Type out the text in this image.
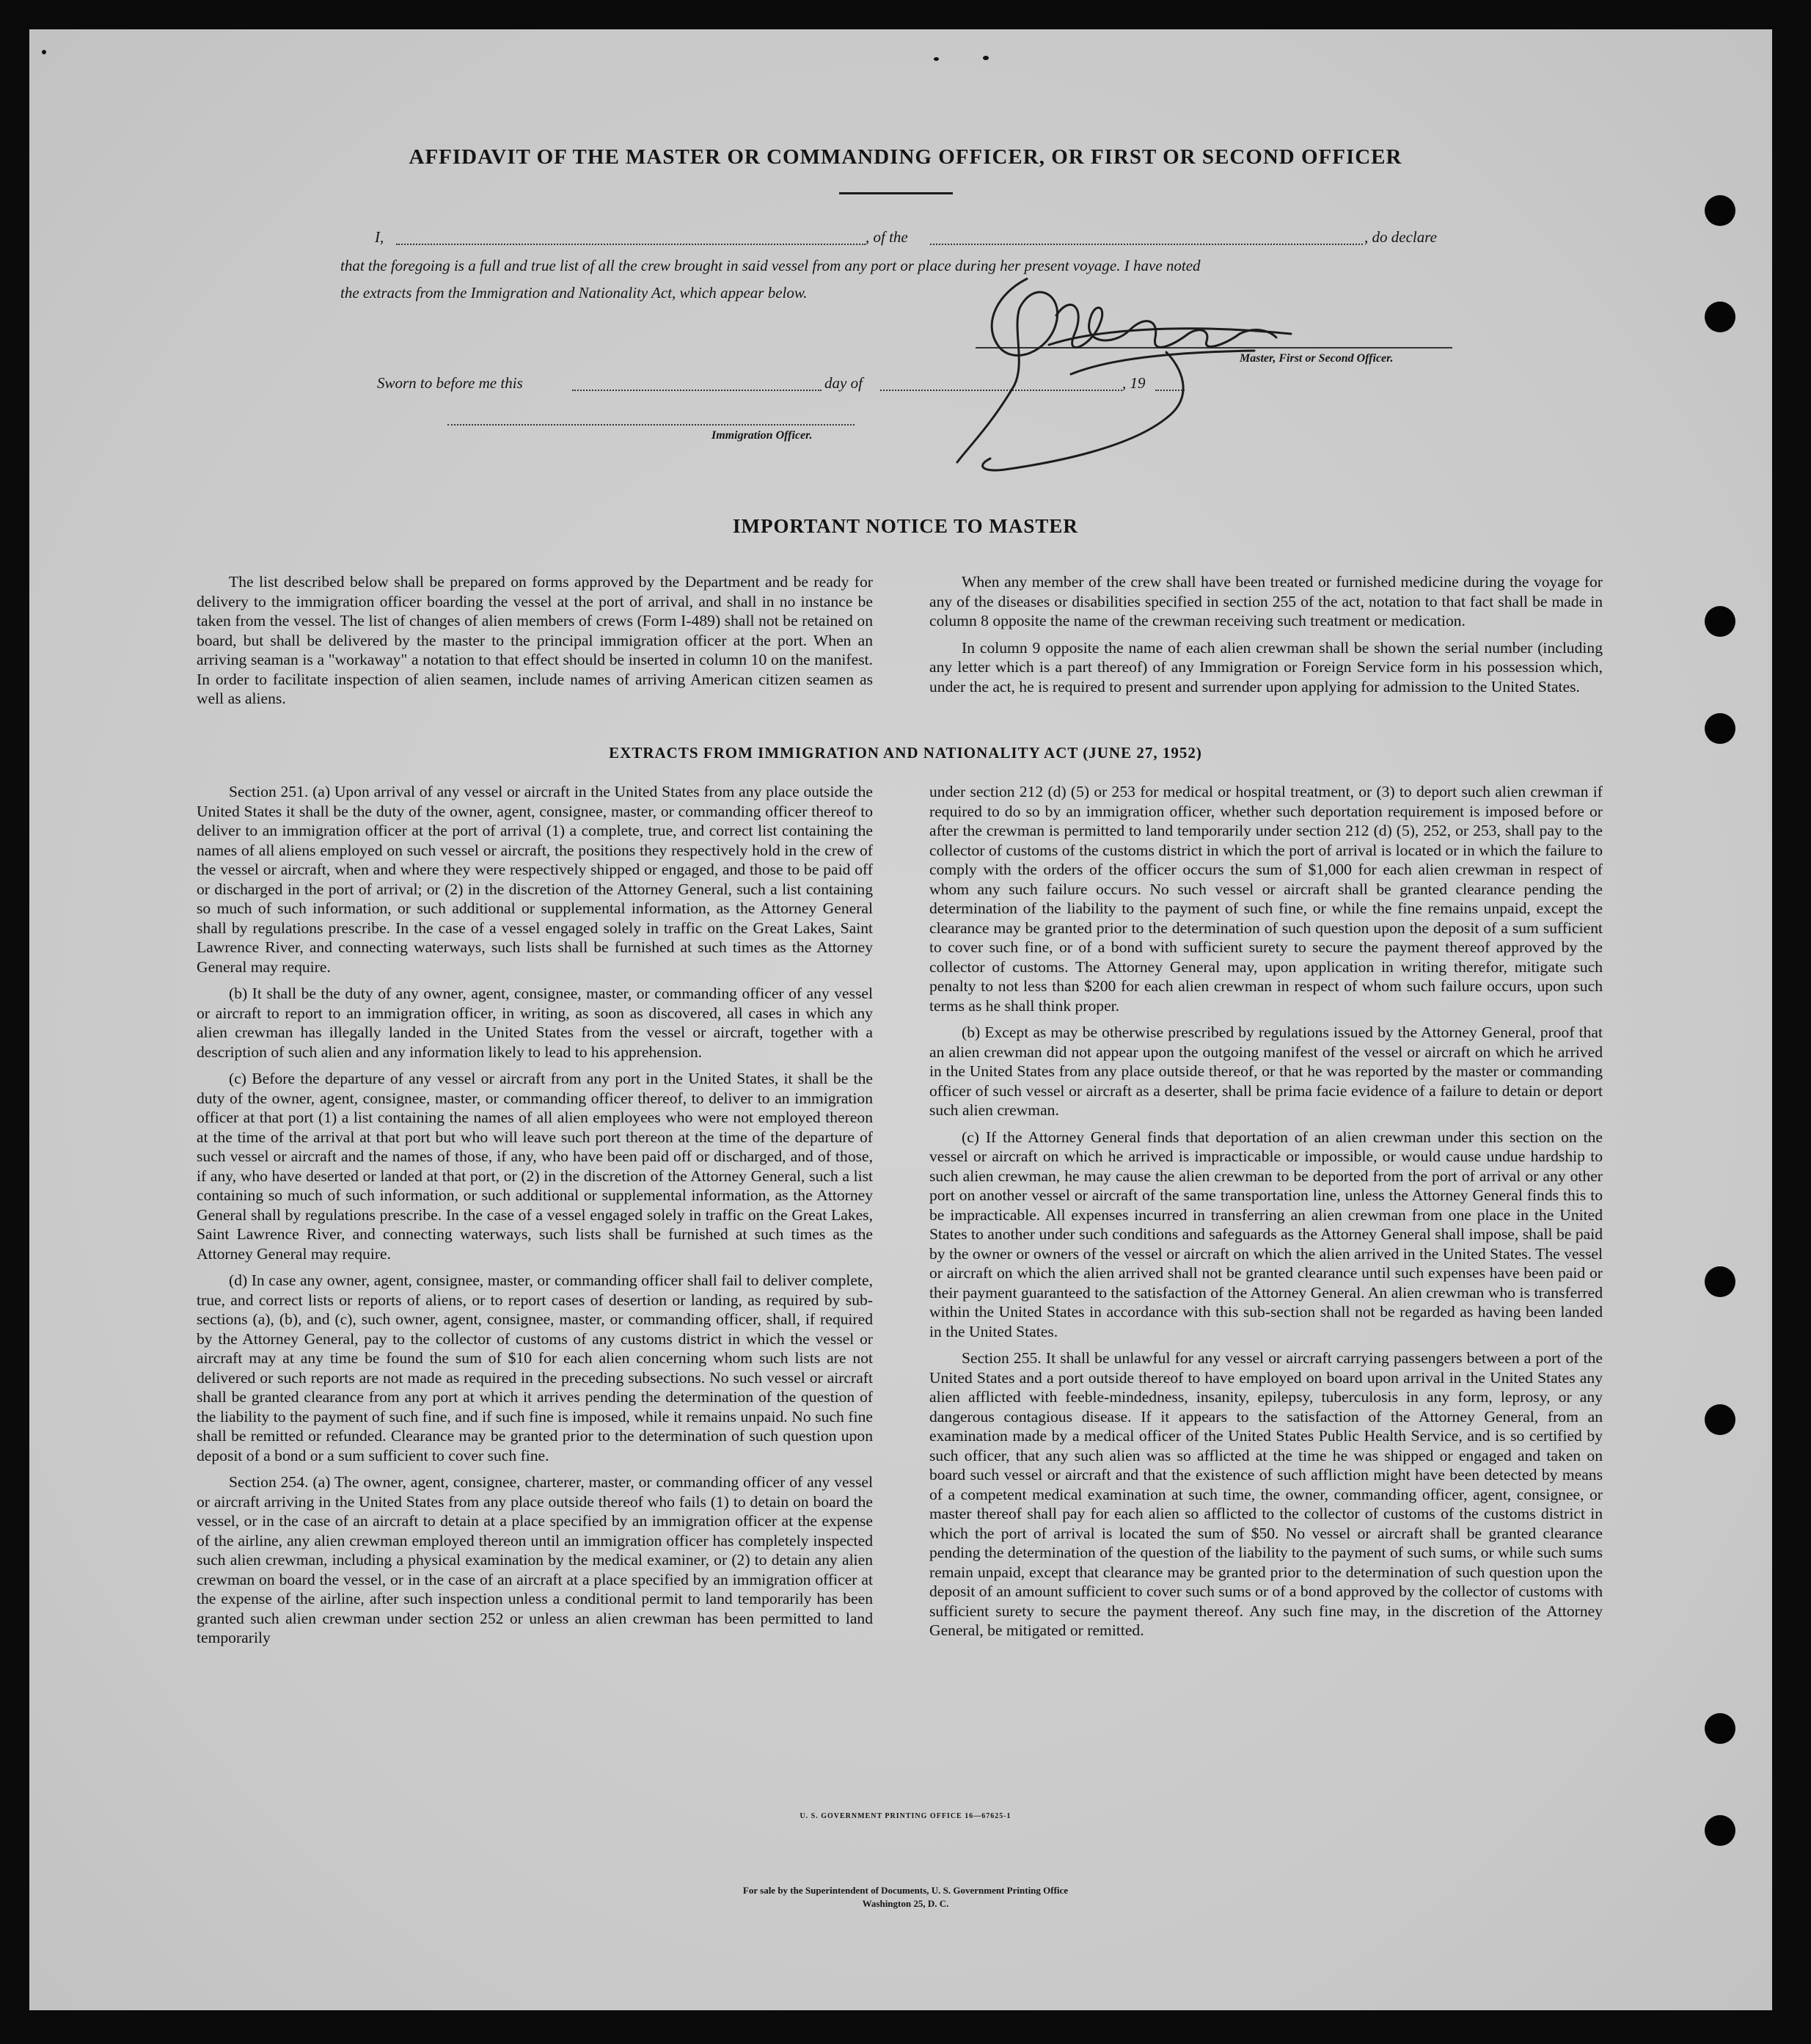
AFFIDAVIT OF THE MASTER OR COMMANDING OFFICER, OR FIRST OR SECOND OFFICER
I,	, of the	, do declare
that the foregoing is a full and true list of all the crew brought in said vessel from any port or place during her present voyage. I have noted
the extracts from the Immigration and Nationality Act, which appear below.
Master, First or Second Officer.
Sworn to before me this	day of	, 19
Immigration Officer.
IMPORTANT NOTICE TO MASTER

The list described below shall be prepared on forms approved by the Department and be ready for delivery to the immigration officer boarding the vessel at the port of arrival, and shall in no instance be taken from the vessel. The list of changes of alien members of crews (Form I-489) shall not be retained on board, but shall be delivered by the master to the principal immigration officer at the port. When an arriving seaman is a "workaway" a notation to that effect should be inserted in column 10 on the manifest. In order to facilitate inspection of alien seamen, include names of arriving American citizen seamen as well as aliens.

When any member of the crew shall have been treated or furnished medicine during the voyage for any of the diseases or disabilities specified in section 255 of the act, notation to that fact shall be made in column 8 opposite the name of the crewman receiving such treatment or medication.

In column 9 opposite the name of each alien crewman shall be shown the serial number (including any letter which is a part thereof) of any Immigration or Foreign Service form in his possession which, under the act, he is required to present and surrender upon applying for admission to the United States.

EXTRACTS FROM IMMIGRATION AND NATIONALITY ACT (JUNE 27, 1952)

Section 251. (a) Upon arrival of any vessel or aircraft in the United States from any place outside the United States it shall be the duty of the owner, agent, consignee, master, or commanding officer thereof to deliver to an immigration officer at the port of arrival (1) a complete, true, and correct list containing the names of all aliens employed on such vessel or aircraft, the positions they respectively hold in the crew of the vessel or aircraft, when and where they were respectively shipped or engaged, and those to be paid off or discharged in the port of arrival; or (2) in the discretion of the Attorney General, such a list containing so much of such information, or such additional or supplemental information, as the Attorney General shall by regulations prescribe. In the case of a vessel engaged solely in traffic on the Great Lakes, Saint Lawrence River, and connecting waterways, such lists shall be furnished at such times as the Attorney General may require.

(b) It shall be the duty of any owner, agent, consignee, master, or commanding officer of any vessel or aircraft to report to an immigration officer, in writing, as soon as discovered, all cases in which any alien crewman has illegally landed in the United States from the vessel or aircraft, together with a description of such alien and any information likely to lead to his apprehension.

(c) Before the departure of any vessel or aircraft from any port in the United States, it shall be the duty of the owner, agent, consignee, master, or commanding officer thereof, to deliver to an immigration officer at that port (1) a list containing the names of all alien employees who were not employed thereon at the time of the arrival at that port but who will leave such port thereon at the time of the departure of such vessel or aircraft and the names of those, if any, who have been paid off or discharged, and of those, if any, who have deserted or landed at that port, or (2) in the discretion of the Attorney General, such a list containing so much of such information, or such additional or supplemental information, as the Attorney General shall by regulations prescribe. In the case of a vessel engaged solely in traffic on the Great Lakes, Saint Lawrence River, and connecting waterways, such lists shall be furnished at such times as the Attorney General may require.

(d) In case any owner, agent, consignee, master, or commanding officer shall fail to deliver complete, true, and correct lists or reports of aliens, or to report cases of desertion or landing, as required by sub-sections (a), (b), and (c), such owner, agent, consignee, master, or commanding officer, shall, if required by the Attorney General, pay to the collector of customs of any customs district in which the vessel or aircraft may at any time be found the sum of $10 for each alien concerning whom such lists are not delivered or such reports are not made as required in the preceding subsections. No such vessel or aircraft shall be granted clearance from any port at which it arrives pending the determination of the question of the liability to the payment of such fine, and if such fine is imposed, while it remains unpaid. No such fine shall be remitted or refunded. Clearance may be granted prior to the determination of such question upon deposit of a bond or a sum sufficient to cover such fine.

Section 254. (a) The owner, agent, consignee, charterer, master, or commanding officer of any vessel or aircraft arriving in the United States from any place outside thereof who fails (1) to detain on board the vessel, or in the case of an aircraft to detain at a place specified by an immigration officer at the expense of the airline, any alien crewman employed thereon until an immigration officer has completely inspected such alien crewman, including a physical examination by the medical examiner, or (2) to detain any alien crewman on board the vessel, or in the case of an aircraft at a place specified by an immigration officer at the expense of the airline, after such inspection unless a conditional permit to land temporarily has been granted such alien crewman under section 252 or unless an alien crewman has been permitted to land temporarily

under section 212 (d) (5) or 253 for medical or hospital treatment, or (3) to deport such alien crewman if required to do so by an immigration officer, whether such deportation requirement is imposed before or after the crewman is permitted to land temporarily under section 212 (d) (5), 252, or 253, shall pay to the collector of customs of the customs district in which the port of arrival is located or in which the failure to comply with the orders of the officer occurs the sum of $1,000 for each alien crewman in respect of whom any such failure occurs. No such vessel or aircraft shall be granted clearance pending the determination of the liability to the payment of such fine, or while the fine remains unpaid, except the clearance may be granted prior to the determination of such question upon the deposit of a sum sufficient to cover such fine, or of a bond with sufficient surety to secure the payment thereof approved by the collector of customs. The Attorney General may, upon application in writing therefor, mitigate such penalty to not less than $200 for each alien crewman in respect of whom such failure occurs, upon such terms as he shall think proper.

(b) Except as may be otherwise prescribed by regulations issued by the Attorney General, proof that an alien crewman did not appear upon the outgoing manifest of the vessel or aircraft on which he arrived in the United States from any place outside thereof, or that he was reported by the master or commanding officer of such vessel or aircraft as a deserter, shall be prima facie evidence of a failure to detain or deport such alien crewman.

(c) If the Attorney General finds that deportation of an alien crewman under this section on the vessel or aircraft on which he arrived is impracticable or impossible, or would cause undue hardship to such alien crewman, he may cause the alien crewman to be deported from the port of arrival or any other port on another vessel or aircraft of the same transportation line, unless the Attorney General finds this to be impracticable. All expenses incurred in transferring an alien crewman from one place in the United States to another under such conditions and safeguards as the Attorney General shall impose, shall be paid by the owner or owners of the vessel or aircraft on which the alien arrived in the United States. The vessel or aircraft on which the alien arrived shall not be granted clearance until such expenses have been paid or their payment guaranteed to the satisfaction of the Attorney General. An alien crewman who is transferred within the United States in accordance with this sub-section shall not be regarded as having been landed in the United States.

Section 255. It shall be unlawful for any vessel or aircraft carrying passengers between a port of the United States and a port outside thereof to have employed on board upon arrival in the United States any alien afflicted with feeble-mindedness, insanity, epilepsy, tuberculosis in any form, leprosy, or any dangerous contagious disease. If it appears to the satisfaction of the Attorney General, from an examination made by a medical officer of the United States Public Health Service, and is so certified by such officer, that any such alien was so afflicted at the time he was shipped or engaged and taken on board such vessel or aircraft and that the existence of such affliction might have been detected by means of a competent medical examination at such time, the owner, commanding officer, agent, consignee, or master thereof shall pay for each alien so afflicted to the collector of customs of the customs district in which the port of arrival is located the sum of $50. No vessel or aircraft shall be granted clearance pending the determination of the question of the liability to the payment of such sums, or while such sums remain unpaid, except that clearance may be granted prior to the determination of such question upon the deposit of an amount sufficient to cover such sums or of a bond approved by the collector of customs with sufficient surety to secure the payment thereof. Any such fine may, in the discretion of the Attorney General, be mitigated or remitted.

U. S. GOVERNMENT PRINTING OFFICE 16—67625-1
For sale by the Superintendent of Documents, U. S. Government Printing Office
Washington 25, D. C.
